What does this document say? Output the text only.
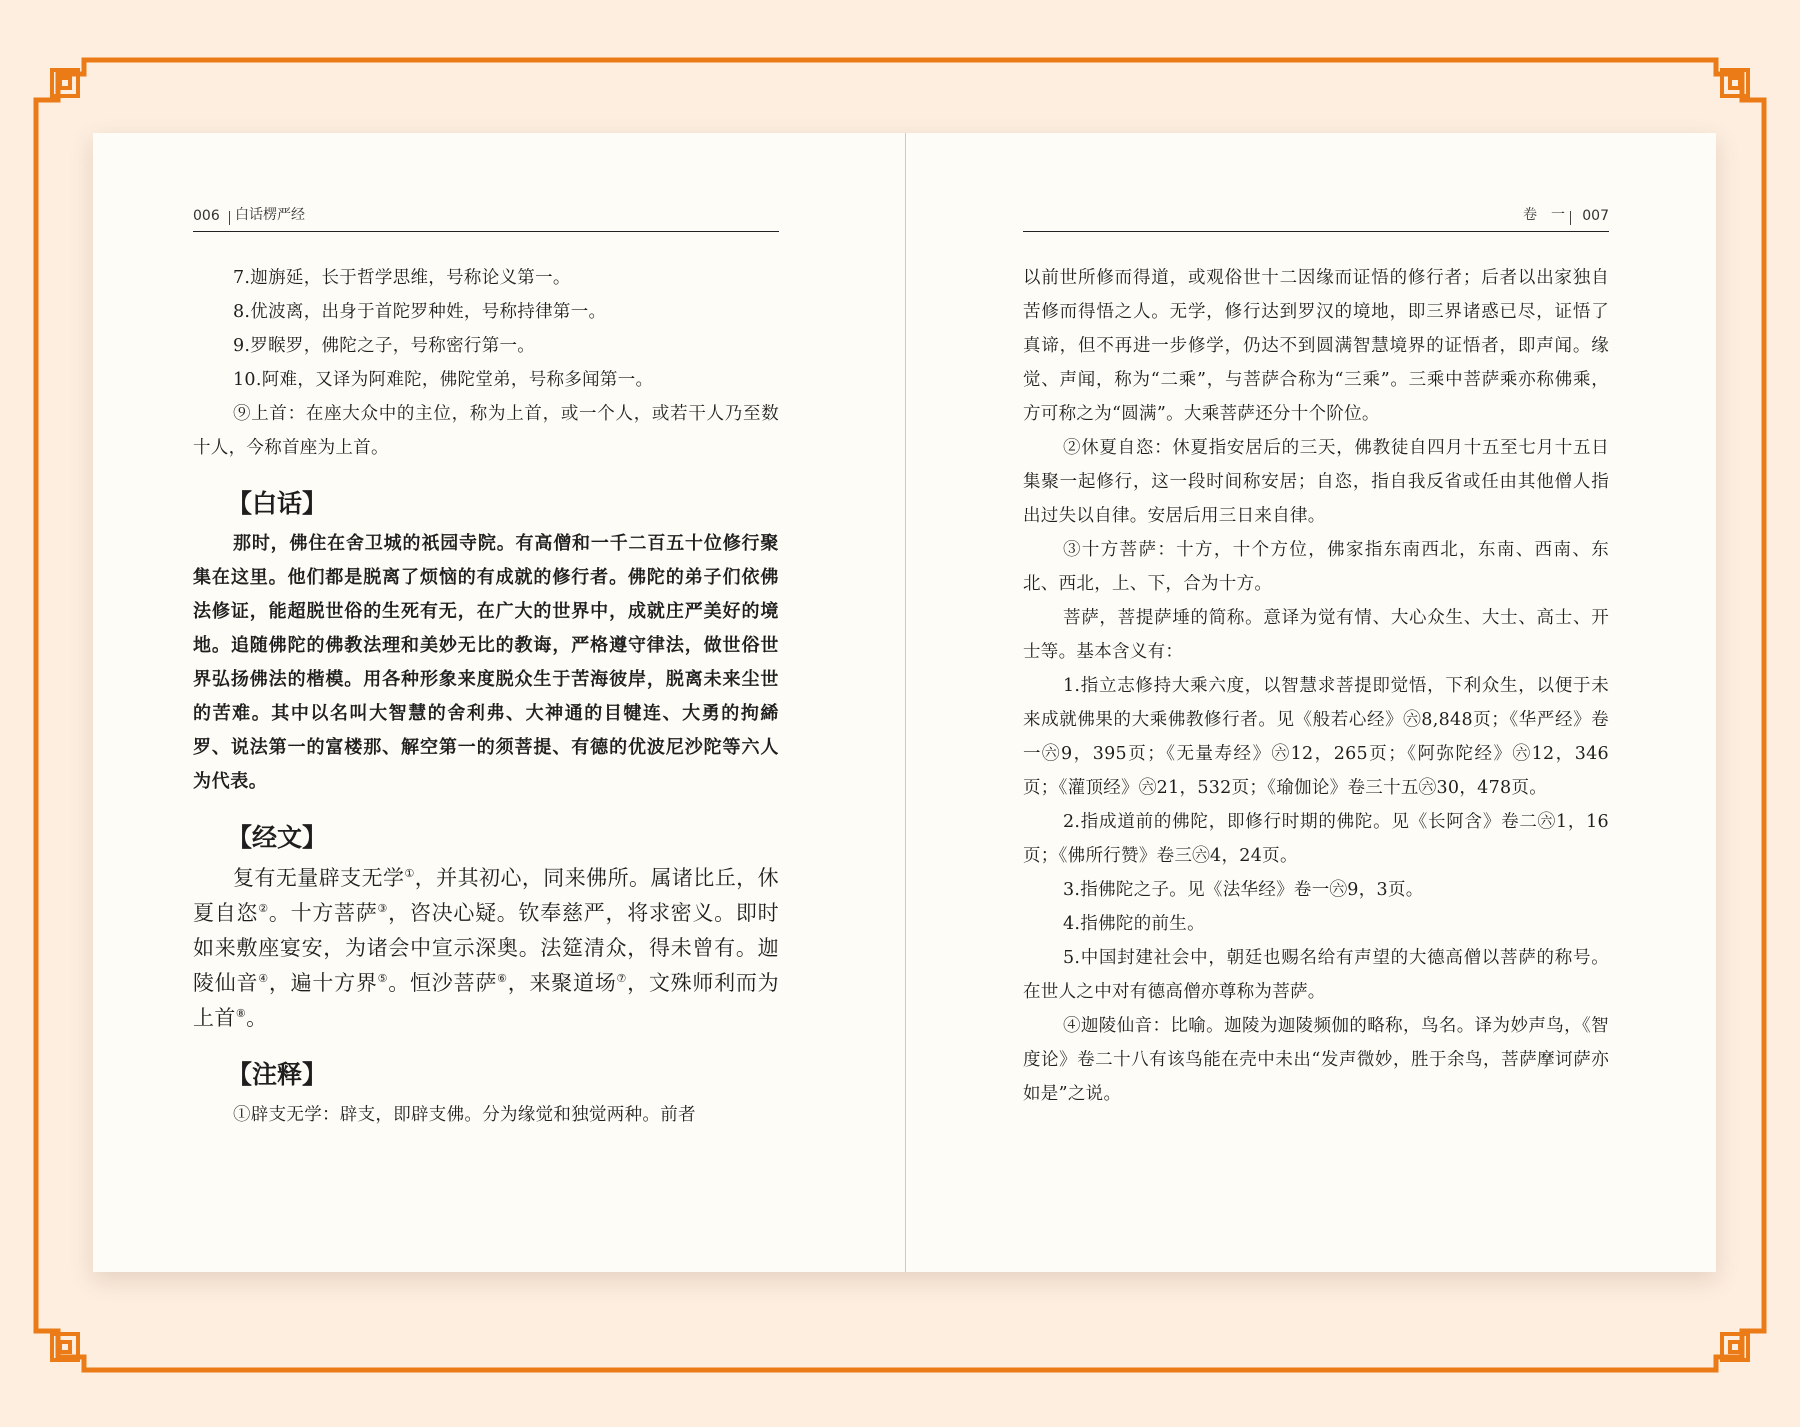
006 白话楞严经

7.迦旃延，长于哲学思维，号称论义第一。

8.优波离，出身于首陀罗种姓，号称持律第一。

9.罗睺罗，佛陀之子，号称密行第一。

10.阿难，又译为阿难陀，佛陀堂弟，号称多闻第一。

⑨上首：在座大众中的主位，称为上首，或一个人，或若干人乃至数十人，今称首座为上首。

【白话】

那时，佛住在舍卫城的祇园寺院。有高僧和一千二百五十位修行聚集在这里。他们都是脱离了烦恼的有成就的修行者。佛陀的弟子们依佛法修证，能超脱世俗的生死有无，在广大的世界中，成就庄严美好的境地。追随佛陀的佛教法理和美妙无比的教诲，严格遵守律法，做世俗世界弘扬佛法的楷模。用各种形象来度脱众生于苦海彼岸，脱离未来尘世的苦难。其中以名叫大智慧的舍利弗、大神通的目犍连、大勇的拘絺罗、说法第一的富楼那、解空第一的须菩提、有德的优波尼沙陀等六人为代表。

【经文】

复有无量辟支无学①，并其初心，同来佛所。属诸比丘，休夏自恣②。十方菩萨③，咨决心疑。钦奉慈严，将求密义。即时如来敷座宴安，为诸会中宣示深奥。法筵清众，得未曾有。迦陵仙音④，遍十方界⑤。恒沙菩萨⑥，来聚道场⑦，文殊师利而为上首⑧。

【注释】

①辟支无学：辟支，即辟支佛。分为缘觉和独觉两种。前者

卷　一 007

以前世所修而得道，或观俗世十二因缘而证悟的修行者；后者以出家独自苦修而得悟之人。无学，修行达到罗汉的境地，即三界诸惑已尽，证悟了真谛，但不再进一步修学，仍达不到圆满智慧境界的证悟者，即声闻。缘觉、声闻，称为“二乘”，与菩萨合称为“三乘”。三乘中菩萨乘亦称佛乘，方可称之为“圆满”。大乘菩萨还分十个阶位。

②休夏自恣：休夏指安居后的三天，佛教徒自四月十五至七月十五日集聚一起修行，这一段时间称安居；自恣，指自我反省或任由其他僧人指出过失以自律。安居后用三日来自律。

③十方菩萨：十方，十个方位，佛家指东南西北，东南、西南、东北、西北，上、下，合为十方。

菩萨，菩提萨埵的简称。意译为觉有情、大心众生、大士、高士、开士等。基本含义有：

1.指立志修持大乘六度，以智慧求菩提即觉悟，下利众生，以便于未来成就佛果的大乘佛教修行者。见《般若心经》㊅8,848页；《华严经》卷一㊅9，395页；《无量寿经》㊅12，265页；《阿弥陀经》㊅12，346页；《灌顶经》㊅21，532页；《瑜伽论》卷三十五㊅30，478页。

2.指成道前的佛陀，即修行时期的佛陀。见《长阿含》卷二㊅1，16页；《佛所行赞》卷三㊅4，24页。

3.指佛陀之子。见《法华经》卷一㊅9，3页。

4.指佛陀的前生。

5.中国封建社会中，朝廷也赐名给有声望的大德高僧以菩萨的称号。在世人之中对有德高僧亦尊称为菩萨。

④迦陵仙音：比喻。迦陵为迦陵频伽的略称，鸟名。译为妙声鸟，《智度论》卷二十八有该鸟能在壳中未出“发声微妙，胜于余鸟，菩萨摩诃萨亦如是”之说。
